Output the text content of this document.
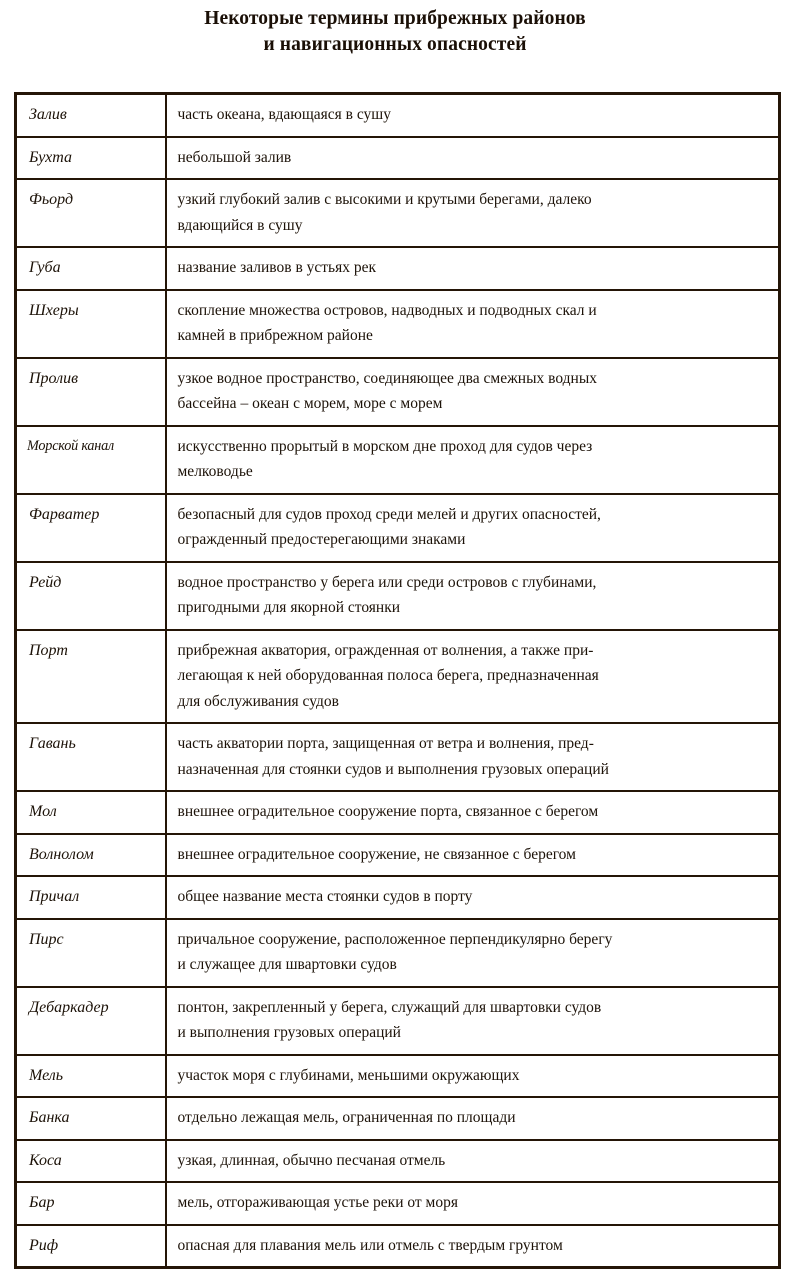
Некоторые термины прибрежных районов
и навигационных опасностей
Залив	часть океана, вдающаяся в сушу

Бухта	небольшой залив

Фьорд	узкий глубокий залив с высокими и крутыми берегами, далеко
вдающийся в сушу

Губа	название заливов в устьях рек

Шхеры	скопление множества островов, надводных и подводных скал и
камней в прибрежном районе

Пролив	узкое водное пространство, соединяющее два смежных водных
бассейна – океан с морем, море с морем

Морской канал	искусственно прорытый в морском дне проход для судов через
мелководье

Фарватер	безопасный для судов проход среди мелей и других опасностей,
огражденный предостерегающими знаками

Рейд	водное пространство у берега или среди островов с глубинами,
пригодными для якорной стоянки

Порт	прибрежная акватория, огражденная от волнения, а также при-
легающая к ней оборудованная полоса берега, предназначенная
для обслуживания судов

Гавань	часть акватории порта, защищенная от ветра и волнения, пред-
назначенная для стоянки судов и выполнения грузовых операций

Мол	внешнее оградительное сооружение порта, связанное с берегом

Волнолом	внешнее оградительное сооружение, не связанное с берегом

Причал	общее название места стоянки судов в порту

Пирс	причальное сооружение, расположенное перпендикулярно берегу
и служащее для швартовки судов

Дебаркадер	понтон, закрепленный у берега, служащий для швартовки судов
и выполнения грузовых операций

Мель	участок моря с глубинами, меньшими окружающих

Банка	отдельно лежащая мель, ограниченная по площади

Коса	узкая, длинная, обычно песчаная отмель

Бар	мель, отгораживающая устье реки от моря

Риф	опасная для плавания мель или отмель с твердым грунтом
